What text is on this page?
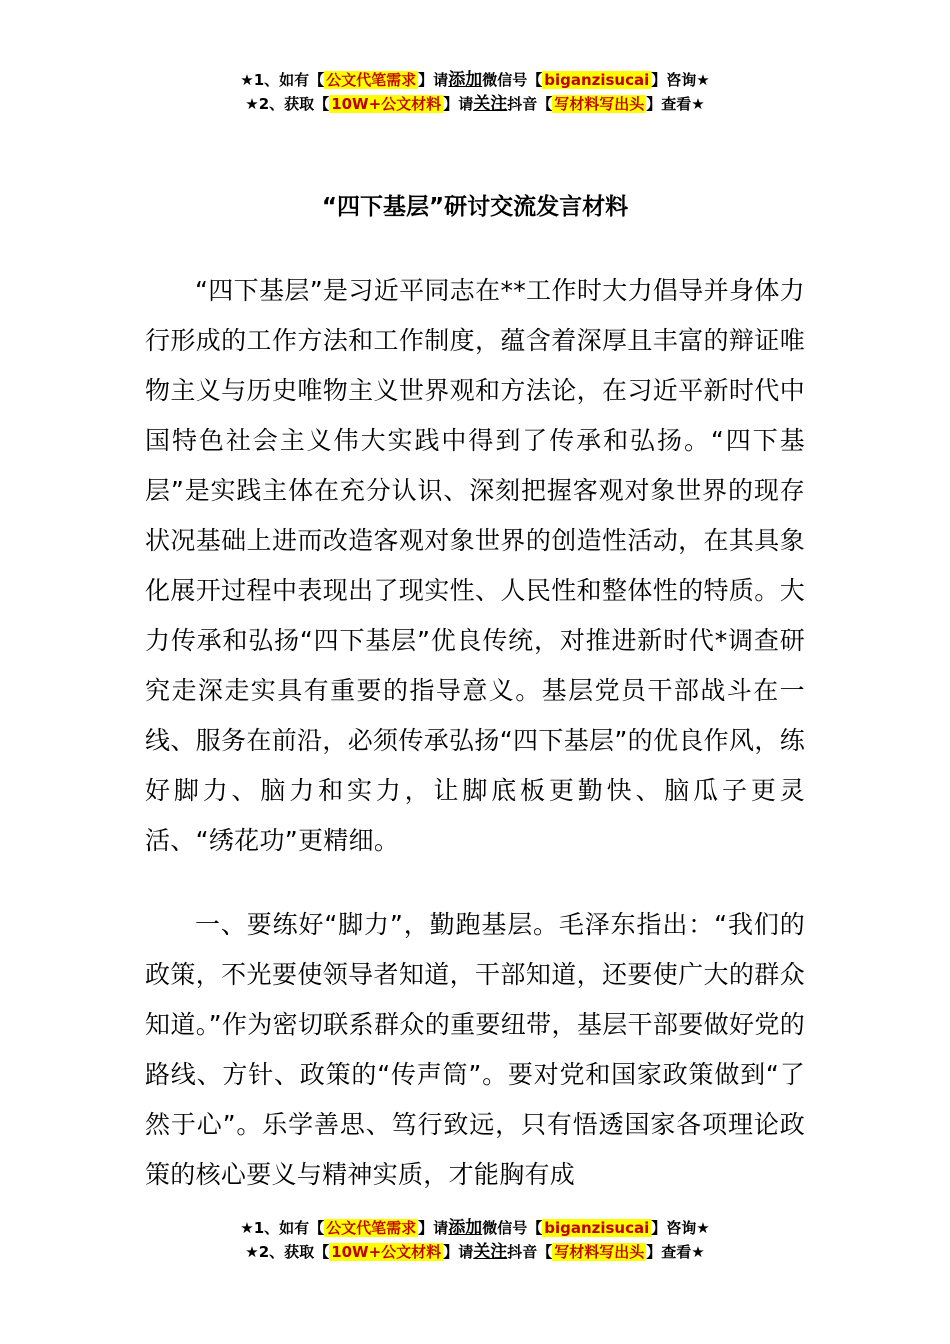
★1、如有【 公文代笔需求 】请添加微信号【 biganzisucai 】咨询★
★2、获取【 10W+公文材料 】请关注抖音【 写材料写出头 】查看★
“四下基层”研讨交流发言材料

“四下基层”是习近平同志在**工作时大力倡导并身体力行形成的工作方法和工作制度，蕴含着深厚且丰富的辩证唯物主义与历史唯物主义世界观和方法论，在习近平新时代中国特色社会主义伟大实践中得到了传承和弘扬。“四下基层”是实践主体在充分认识、深刻把握客观对象世界的现存状况基础上进而改造客观对象世界的创造性活动，在其具象化展开过程中表现出了现实性、人民性和整体性的特质。大力传承和弘扬“四下基层”优良传统，对推进新时代*调查研究走深走实具有重要的指导意义。基层党员干部战斗在一线、服务在前沿，必须传承弘扬“四下基层”的优良作风，练好脚力、脑力和实力，让脚底板更勤快、脑瓜子更灵活、“绣花功”更精细。

一、要练好“脚力”，勤跑基层。毛泽东指出：“我们的政策，不光要使领导者知道，干部知道，还要使广大的群众知道。”作为密切联系群众的重要纽带，基层干部要做好党的路线、方针、政策的“传声筒”。要对党和国家政策做到“了然于心”。乐学善思、笃行致远，只有悟透国家各项理论政策的核心要义与精神实质，才能胸有成

★1、如有【 公文代笔需求 】请添加微信号【 biganzisucai 】咨询★
★2、获取【 10W+公文材料 】请关注抖音【 写材料写出头 】查看★
